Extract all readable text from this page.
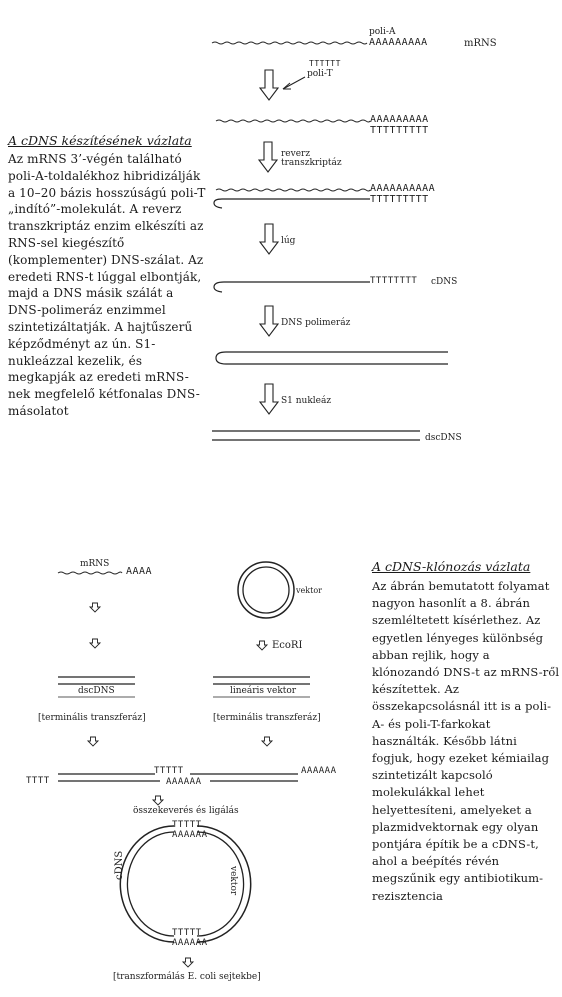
A cDNS készítésének vázlata
Az mRNS 3’-végén található poli-A-toldalékhoz hibridizálják a 10–20 bázis hosszúságú poli-T „indító”-molekulát. A reverz transzkriptáz enzim elkészíti az RNS-sel kiegészítő (komplementer) DNS-szálat. Az eredeti RNS-t lúggal elbontják, majd a DNS másik szálát a DNS-polimeráz enzimmel szintetizáltatják. A hajtűszerű képződményt az ún. S1-nukleázzal kezelik, és megkapják az eredeti mRNS-nek megfelelő kétfonalas DNS-másolatot
poli-A
AAAAAAAAA	mRNS
TTTTTT
poli-T
AAAAAAAAA
TTTTTTTTT
reverz
transzkriptáz
AAAAAAAAAA
TTTTTTTTT
lúg
TTTTTTTT cDNS
DNS polimeráz
S1 nukleáz
dscDNS
mRNS
AAAA
vektor
EcoRI
dscDNS	lineáris vektor
[terminális transzferáz]	[terminális transzferáz]
TTTTT
TTTT
AAAAAA
AAAAAA
összekeverés és ligálás
TTTTT
AAAAAA
TTTTT
AAAAAA
cDNS
vektor
[transzformálás E. coli sejtekbe]
A cDNS-klónozás vázlata
Az ábrán bemutatott folyamat nagyon hasonlít a 8. ábrán szemléltetett kísérlethez. Az egyetlen lényeges különbség abban rejlik, hogy a klónozandó DNS-t az mRNS-ről készítettek. Az összekapcsolásnál itt is a poli-A- és poli-T-farkokat használták. Később látni fogjuk, hogy ezeket kémiailag szintetizált kapcsoló molekulákkal lehet helyettesíteni, amelyeket a plazmidvektornak egy olyan pontjára építik be a cDNS-t, ahol a beépítés révén megszűnik egy antibiotikum-rezisztencia
